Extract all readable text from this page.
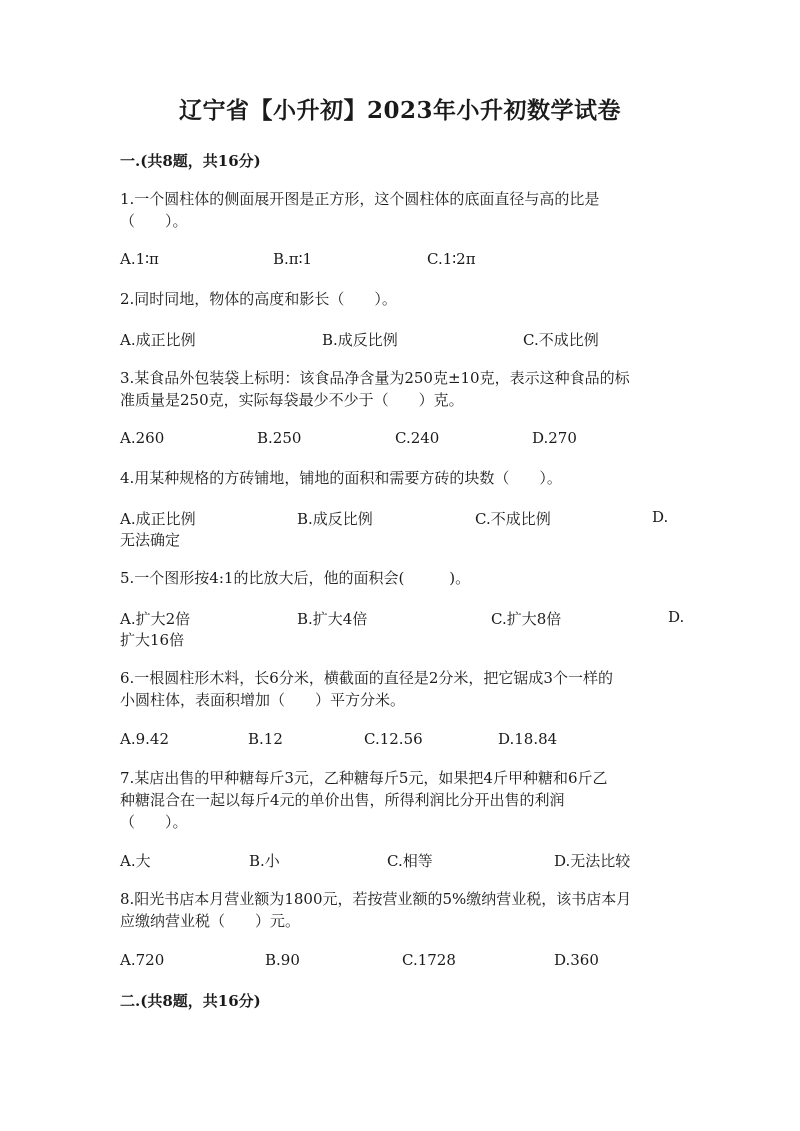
辽宁省【小升初】2023年小升初数学试卷
一.(共8题，共16分)
1.一个圆柱体的侧面展开图是正方形，这个圆柱体的底面直径与高的比是
（　　）。
A.1∶π	B.π∶1	C.1∶2π
2.同时同地，物体的高度和影长（　　）。
A.成正比例	B.成反比例	C.不成比例
3.某食品外包装袋上标明：该食品净含量为250克±10克，表示这种食品的标
准质量是250克，实际每袋最少不少于（　　）克。
A.260	B.250	C.240	D.270
4.用某种规格的方砖铺地，铺地的面积和需要方砖的块数（　　）。
A.成正比例	B.成反比例	C.不成比例	D.
无法确定
5.一个图形按4:1的比放大后，他的面积会(　　　)。
A.扩大2倍	B.扩大4倍	C.扩大8倍	D.
扩大16倍
6.一根圆柱形木料，长6分米，横截面的直径是2分米，把它锯成3个一样的
小圆柱体，表面积增加（　　）平方分米。
A.9.42	B.12	C.12.56	D.18.84
7.某店出售的甲种糖每斤3元，乙种糖每斤5元，如果把4斤甲种糖和6斤乙
种糖混合在一起以每斤4元的单价出售，所得利润比分开出售的利润
（　　）。
A.大	B.小	C.相等	D.无法比较
8.阳光书店本月营业额为1800元，若按营业额的5%缴纳营业税，该书店本月
应缴纳营业税（　　）元。
A.720	B.90	C.1728	D.360
二.(共8题，共16分)
